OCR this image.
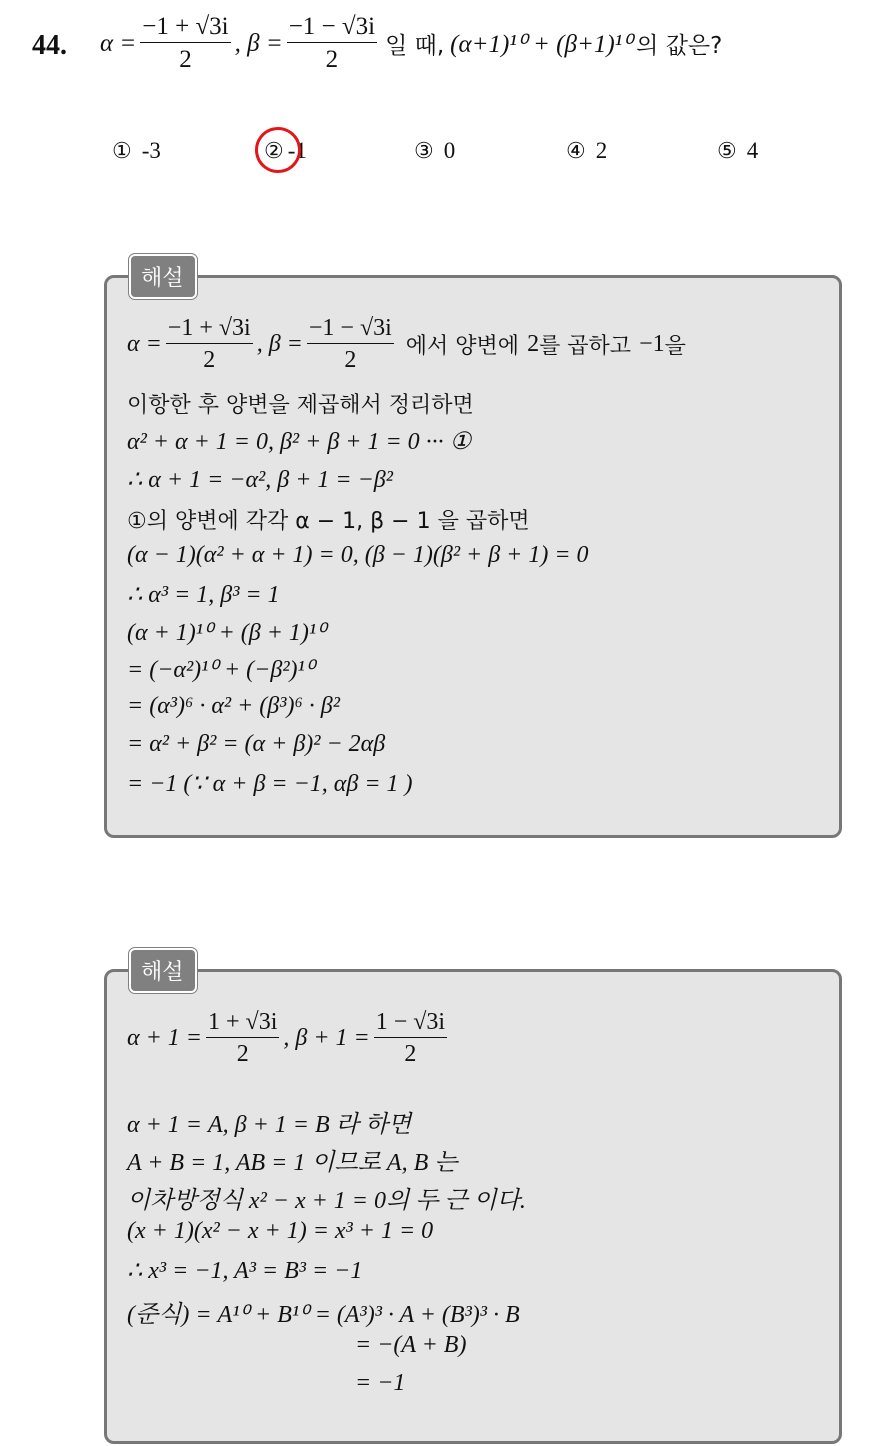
44. $\alpha = \frac{-1 + √3i}{2}$ , $\beta = \frac{-1 - √3i}{2}$ 일 때, (α+1)¹⁰ + (β+1)¹⁰ 의 값은?
① -3	② -1	③ 0	④ 2	⑤ 4
$\alpha = \frac{-1 + √3i}{2}$ , $\beta = \frac{-1 - √3i}{2}$ 에서 양변에 2 를 곱하고 −1 을
이항한 후 양변을 제곱해서 정리하면
α² + α + 1 = 0, β² + β + 1 = 0 ··· ①
∴ α + 1 = −α², β + 1 = −β²
①의 양변에 각각 α − 1, β − 1 을 곱하면
(α − 1)(α² + α + 1) = 0, (β − 1)(β² + β + 1) = 0
∴ α³ = 1, β³ = 1
(α + 1)¹⁰ + (β + 1)¹⁰
= (−α²)¹⁰ + (−β²)¹⁰
= (α³)⁶ · α² + (β³)⁶ · β²
= α² + β² = (α + β)² − 2αβ
= −1 (∵ α + β = −1, αβ = 1 )
해설
$\alpha + 1 = \frac{1 + √3i}{2}$ , $\beta + 1 = \frac{1 - √3i}{2}$
α + 1 = A, β + 1 = B 라 하면
A + B = 1, AB = 1 이므로 A, B 는
이차방정식 x² − x + 1 = 0의 두 근 이다.
(x + 1)(x² − x + 1) = x³ + 1 = 0
∴ x³ = −1, A³ = B³ = −1
(준식) = A¹⁰ + B¹⁰ = (A³)³ · A + (B³)³ · B
= −(A + B)
= −1
해설
